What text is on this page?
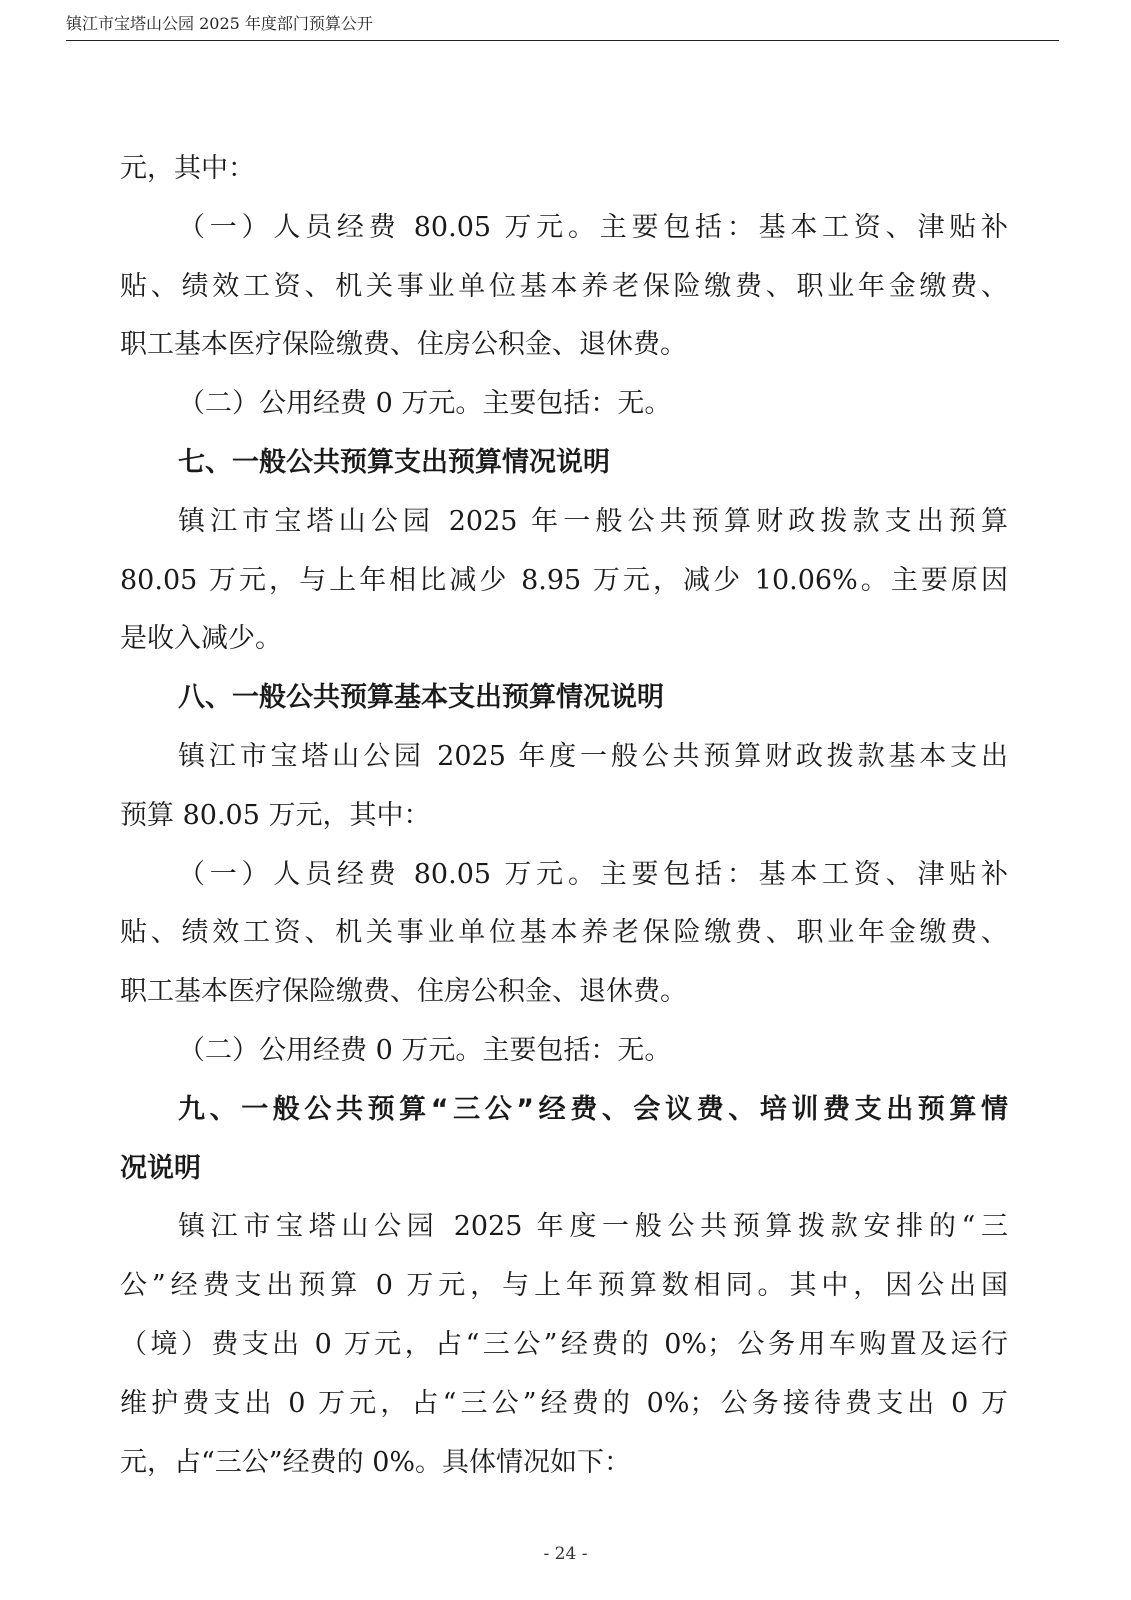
镇江市宝塔山公园 2025 年度部门预算公开
元，其中：
（一）人员经费 80.05 万元。主要包括：基本工资、津贴补
贴、绩效工资、机关事业单位基本养老保险缴费、职业年金缴费、
职工基本医疗保险缴费、住房公积金、退休费。
（二）公用经费 0 万元。主要包括：无。
七、一般公共预算支出预算情况说明
镇江市宝塔山公园 2025 年一般公共预算财政拨款支出预算
80.05 万元，与上年相比减少 8.95 万元，减少 10.06%。主要原因
是收入减少。
八、一般公共预算基本支出预算情况说明
镇江市宝塔山公园 2025 年度一般公共预算财政拨款基本支出
预算 80.05 万元，其中：
（一）人员经费 80.05 万元。主要包括：基本工资、津贴补
贴、绩效工资、机关事业单位基本养老保险缴费、职业年金缴费、
职工基本医疗保险缴费、住房公积金、退休费。
（二）公用经费 0 万元。主要包括：无。
九、一般公共预算“三公”经费、会议费、培训费支出预算情
况说明
镇江市宝塔山公园 2025 年度一般公共预算拨款安排的“三
公”经费支出预算 0 万元，与上年预算数相同。其中，因公出国
（境）费支出 0 万元，占“三公”经费的 0%；公务用车购置及运行
维护费支出 0 万元，占“三公”经费的 0%；公务接待费支出 0 万
元，占“三公”经费的 0%。具体情况如下：
- 24 -
